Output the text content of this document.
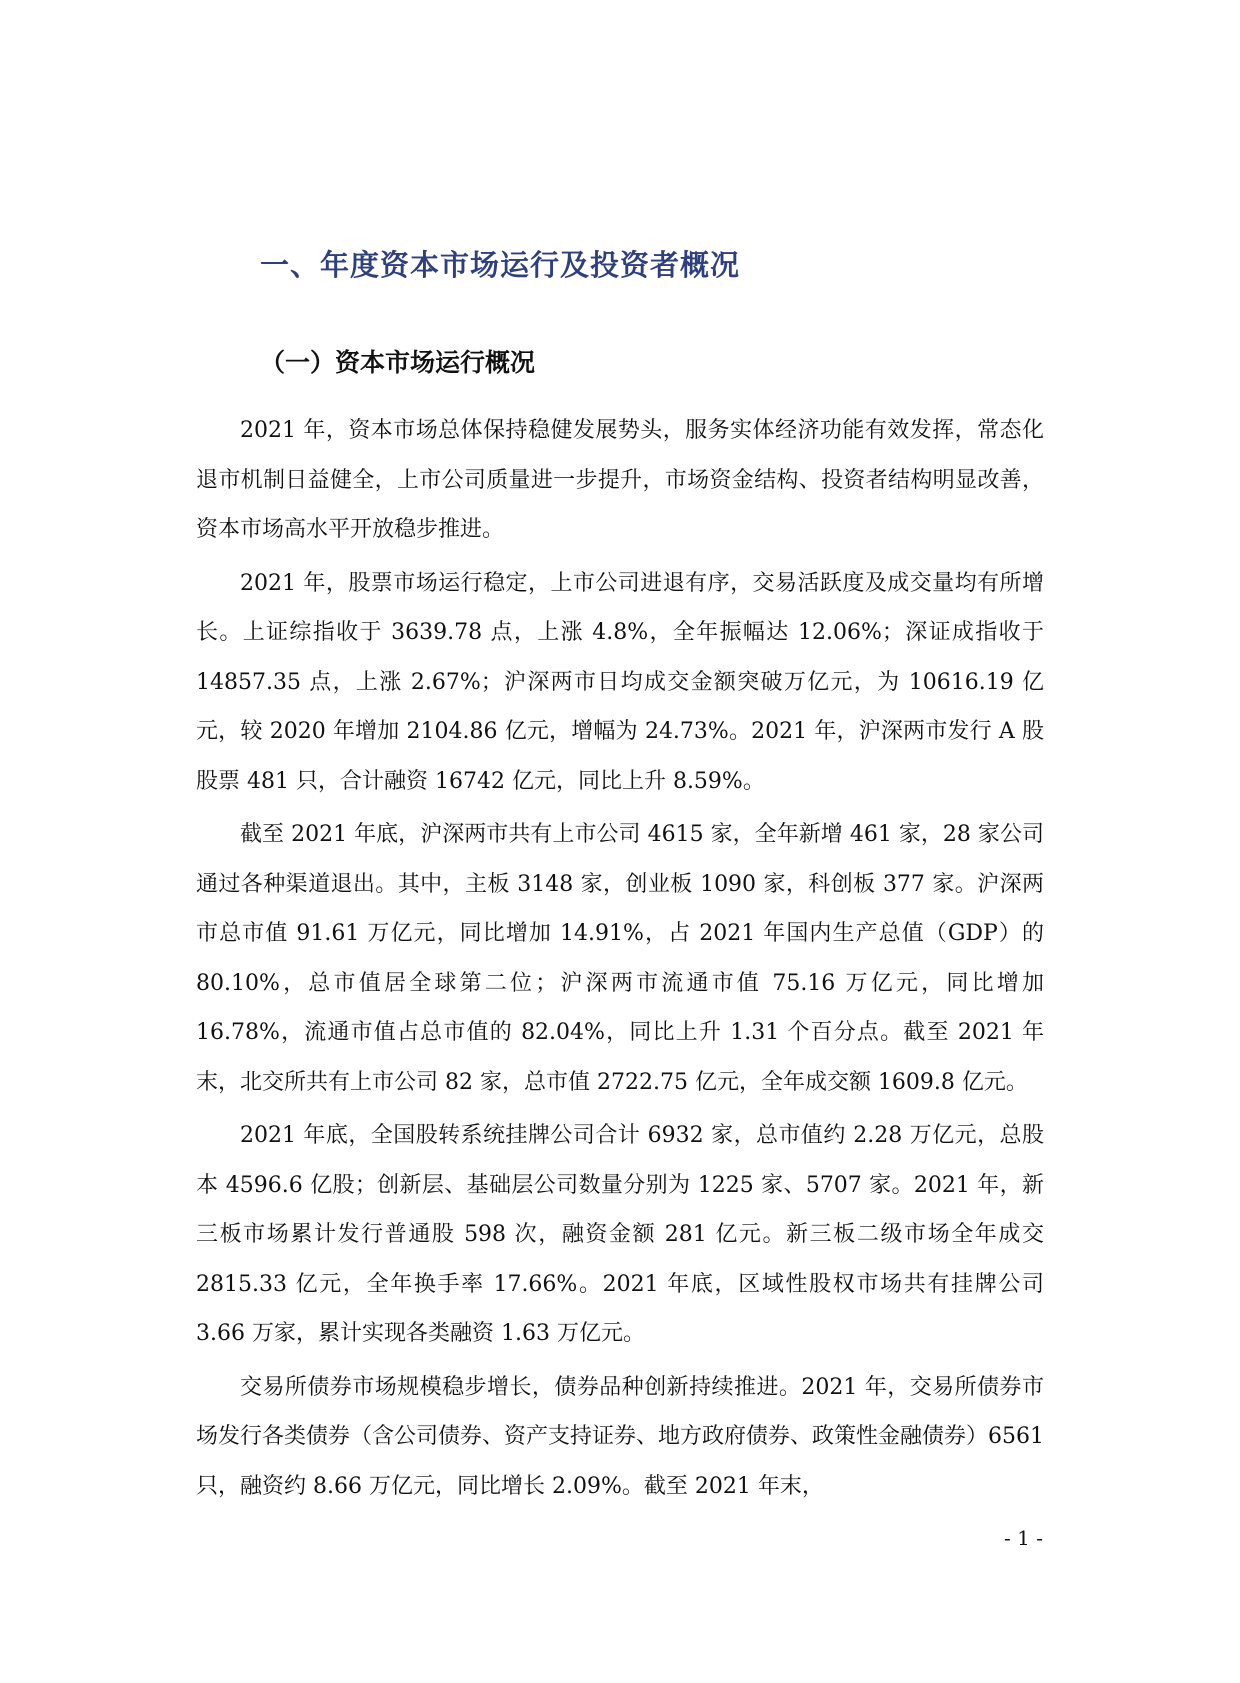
一、年度资本市场运行及投资者概况
（一）资本市场运行概况

2021 年，资本市场总体保持稳健发展势头，服务实体经济功能有效发挥，常态化退市机制日益健全，上市公司质量进一步提升，市场资金结构、投资者结构明显改善，资本市场高水平开放稳步推进。

2021 年，股票市场运行稳定，上市公司进退有序，交易活跃度及成交量均有所增长。上证综指收于 3639.78 点，上涨 4.8%，全年振幅达 12.06%；深证成指收于 14857.35 点，上涨 2.67%；沪深两市日均成交金额突破万亿元，为 10616.19 亿元，较 2020 年增加 2104.86 亿元，增幅为 24.73%。2021 年，沪深两市发行 A 股股票 481 只，合计融资 16742 亿元，同比上升 8.59%。

截至 2021 年底，沪深两市共有上市公司 4615 家，全年新增 461 家，28 家公司通过各种渠道退出。其中，主板 3148 家，创业板 1090 家，科创板 377 家。沪深两市总市值 91.61 万亿元，同比增加 14.91%，占 2021 年国内生产总值（GDP）的 80.10%，总市值居全球第二位；沪深两市流通市值 75.16 万亿元，同比增加 16.78%，流通市值占总市值的 82.04%，同比上升 1.31 个百分点。截至 2021 年末，北交所共有上市公司 82 家，总市值 2722.75 亿元，全年成交额 1609.8 亿元。

2021 年底，全国股转系统挂牌公司合计 6932 家，总市值约 2.28 万亿元，总股本 4596.6 亿股；创新层、基础层公司数量分别为 1225 家、5707 家。2021 年，新三板市场累计发行普通股 598 次，融资金额 281 亿元。新三板二级市场全年成交 2815.33 亿元，全年换手率 17.66%。2021 年底，区域性股权市场共有挂牌公司 3.66 万家，累计实现各类融资 1.63 万亿元。

交易所债券市场规模稳步增长，债券品种创新持续推进。2021 年，交易所债券市场发行各类债券（含公司债券、资产支持证券、地方政府债券、政策性金融债券）6561 只，融资约 8.66 万亿元，同比增长 2.09%。截至 2021 年末，

- 1 -
